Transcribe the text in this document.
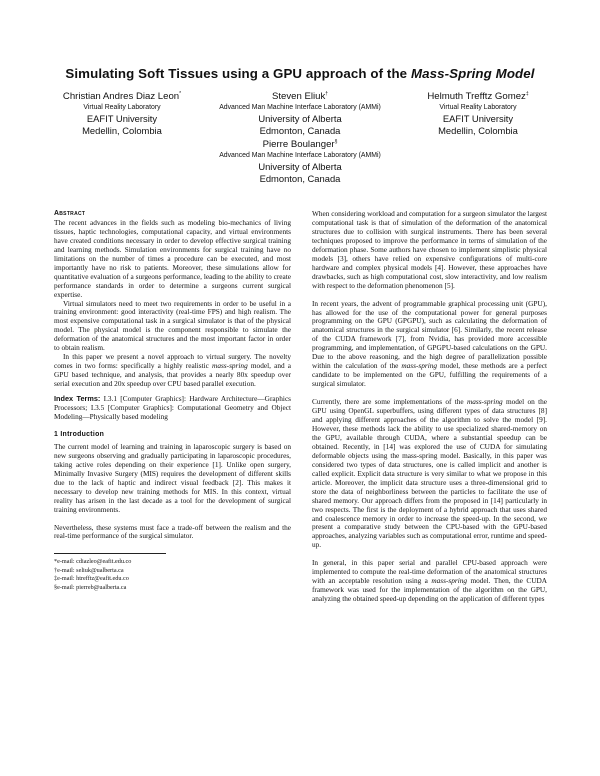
Simulating Soft Tissues using a GPU approach of the Mass-Spring Model
Christian Andres Diaz Leon*
Virtual Reality Laboratory
EAFIT University
Medellin, Colombia
Steven Eliuk†
Advanced Man Machine Interface Laboratory (AMMi)
University of Alberta
Edmonton, Canada
Helmuth Trefftz Gomez‡
Virtual Reality Laboratory
EAFIT University
Medellin, Colombia
Pierre Boulanger§
Advanced Man Machine Interface Laboratory (AMMi)
University of Alberta
Edmonton, Canada
Abstract

The recent advances in the fields such as modeling bio-mechanics of living tissues, haptic technologies, computational capacity, and virtual environments have created conditions necessary in order to develop effective surgical training and learning methods. Simulation environments for surgical training have no limitations on the number of times a procedure can be executed, and most importantly have no risk to patients. Moreover, these simulations allow for quantitative evaluation of a surgeons performance, leading to the ability to create performance standards in order to determine a surgeons current surgical expertise.

Virtual simulators need to meet two requirements in order to be useful in a training environment: good interactivity (real-time FPS) and high realism. The most expensive computational task in a surgical simulator is that of the physical model. The physical model is the component responsible to simulate the deformation of the anatomical structures and the most important factor in order to obtain realism.

In this paper we present a novel approach to virtual surgery. The novelty comes in two forms: specifically a highly realistic mass-spring model, and a GPU based technique, and analysis, that provides a nearly 80x speedup over serial execution and 20x speedup over CPU based parallel execution.

Index Terms: I.3.1 [Computer Graphics]: Hardware Architecture—Graphics Processors; I.3.5 [Computer Graphics]: Computational Geometry and Object Modeling—Physically based modeling

1 Introduction

The current model of learning and training in laparoscopic surgery is based on new surgeons observing and gradually participating in laparoscopic procedures, taking active roles depending on their experience [1]. Unlike open surgery, Minimally Invasive Surgery (MIS) requires the development of different skills due to the lack of haptic and indirect visual feedback [2]. This makes it necessary to develop new training methods for MIS. In this context, virtual reality has arisen in the last decade as a tool for the development of surgical training environments.

Nevertheless, these systems must face a trade-off between the realism and the real-time performance of the surgical simulator.

*e-mail: cdiazleo@eafit.edu.co
†e-mail: seliuk@ualberta.ca
‡e-mail: htrefftz@eafit.edu.co
§e-mail: pierreb@ualberta.ca

When considering workload and computation for a surgeon simulator the largest computational task is that of simulation of the deformation of the anatomical structures due to collision with surgical instruments. There has been several techniques proposed to improve the performance in terms of simulation of the deformation phase. Some authors have chosen to implement simplistic physical models [3], others have relied on expensive configurations of multi-core hardware and complex physical models [4]. However, these approaches have drawbacks, such as high computational cost, slow interactivity, and low realism with respect to the deformation phenomenon [5].

In recent years, the advent of programmable graphical processing unit (GPU), has allowed for the use of the computational power for general purposes programming on the GPU (GPGPU), such as calculating the deformation of anatomical structures in the surgical simulator [6]. Similarly, the recent release of the CUDA framework [7], from Nvidia, has provided more accessible programming, and implementation, of GPGPU-based calculations on the GPU. Due to the above reasoning, and the high degree of parallelization possible within the calculation of the mass-spring model, these methods are a perfect candidate to be implemented on the GPU, fulfilling the requirements of a surgical simulator.

Currently, there are some implementations of the mass-spring model on the GPU using OpenGL superbuffers, using different types of data structures [8] and applying different approaches of the algorithm to solve the model [9]. However, these methods lack the ability to use specialized shared-memory on the GPU, available through CUDA, where a substantial speedup can be obtained. Recently, in [14] was explored the use of CUDA for simulating deformable objects using the mass-spring model. Basically, in this paper was considered two types of data structures, one is called implicit and another is called explicit. Explicit data structure is very similar to what we propose in this article. Moreover, the implicit data structure uses a three-dimensional grid to store the data of neighborliness between the particles to facilitate the use of shared memory. Our approach differs from the proposed in [14] particularly in two respects. The first is the deployment of a hybrid approach that uses shared and coalescence memory in order to increase the speed-up. In the second, we present a comparative study between the CPU-based with the GPU-based approaches, analyzing variables such as computational error, runtime and speed-up.

In general, in this paper serial and parallel CPU-based approach were implemented to compute the real-time deformation of the anatomical structures with an acceptable resolution using a mass-spring model. Then, the CUDA framework was used for the implementation of the algorithm on the GPU, analyzing the obtained speed-up depending on the application of different types
